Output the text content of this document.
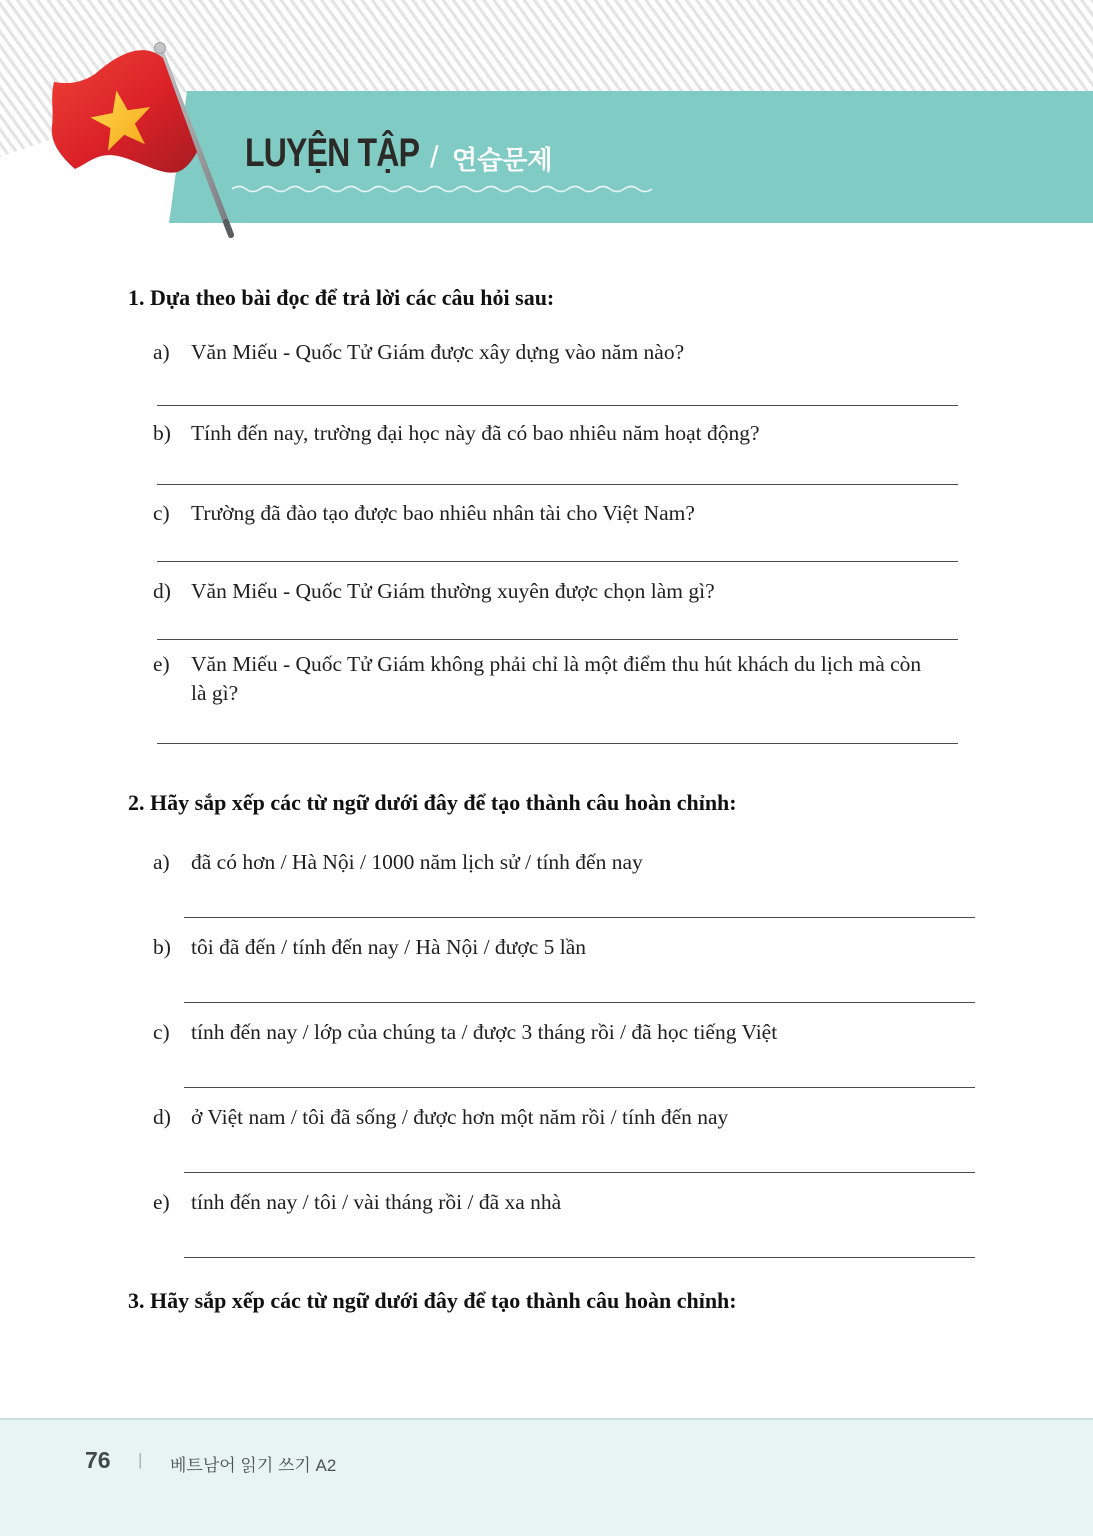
LUYỆN TẬP / 연습문제
1. Dựa theo bài đọc để trả lời các câu hỏi sau:
a) Văn Miếu - Quốc Tử Giám được xây dựng vào năm nào?
b) Tính đến nay, trường đại học này đã có bao nhiêu năm hoạt động?
c) Trường đã đào tạo được bao nhiêu nhân tài cho Việt Nam?
d) Văn Miếu - Quốc Tử Giám thường xuyên được chọn làm gì?
e) Văn Miếu - Quốc Tử Giám không phải chỉ là một điểm thu hút khách du lịch mà còn là gì?
2. Hãy sắp xếp các từ ngữ dưới đây để tạo thành câu hoàn chỉnh:
a) đã có hơn / Hà Nội / 1000 năm lịch sử / tính đến nay
b) tôi đã đến / tính đến nay / Hà Nội / được 5 lần
c) tính đến nay / lớp của chúng ta / được 3 tháng rồi / đã học tiếng Việt
d) ở Việt nam / tôi đã sống / được hơn một năm rồi / tính đến nay
e) tính đến nay / tôi / vài tháng rồi / đã xa nhà
3. Hãy sắp xếp các từ ngữ dưới đây để tạo thành câu hoàn chỉnh:
76 | 베트남어 읽기 쓰기 A2
